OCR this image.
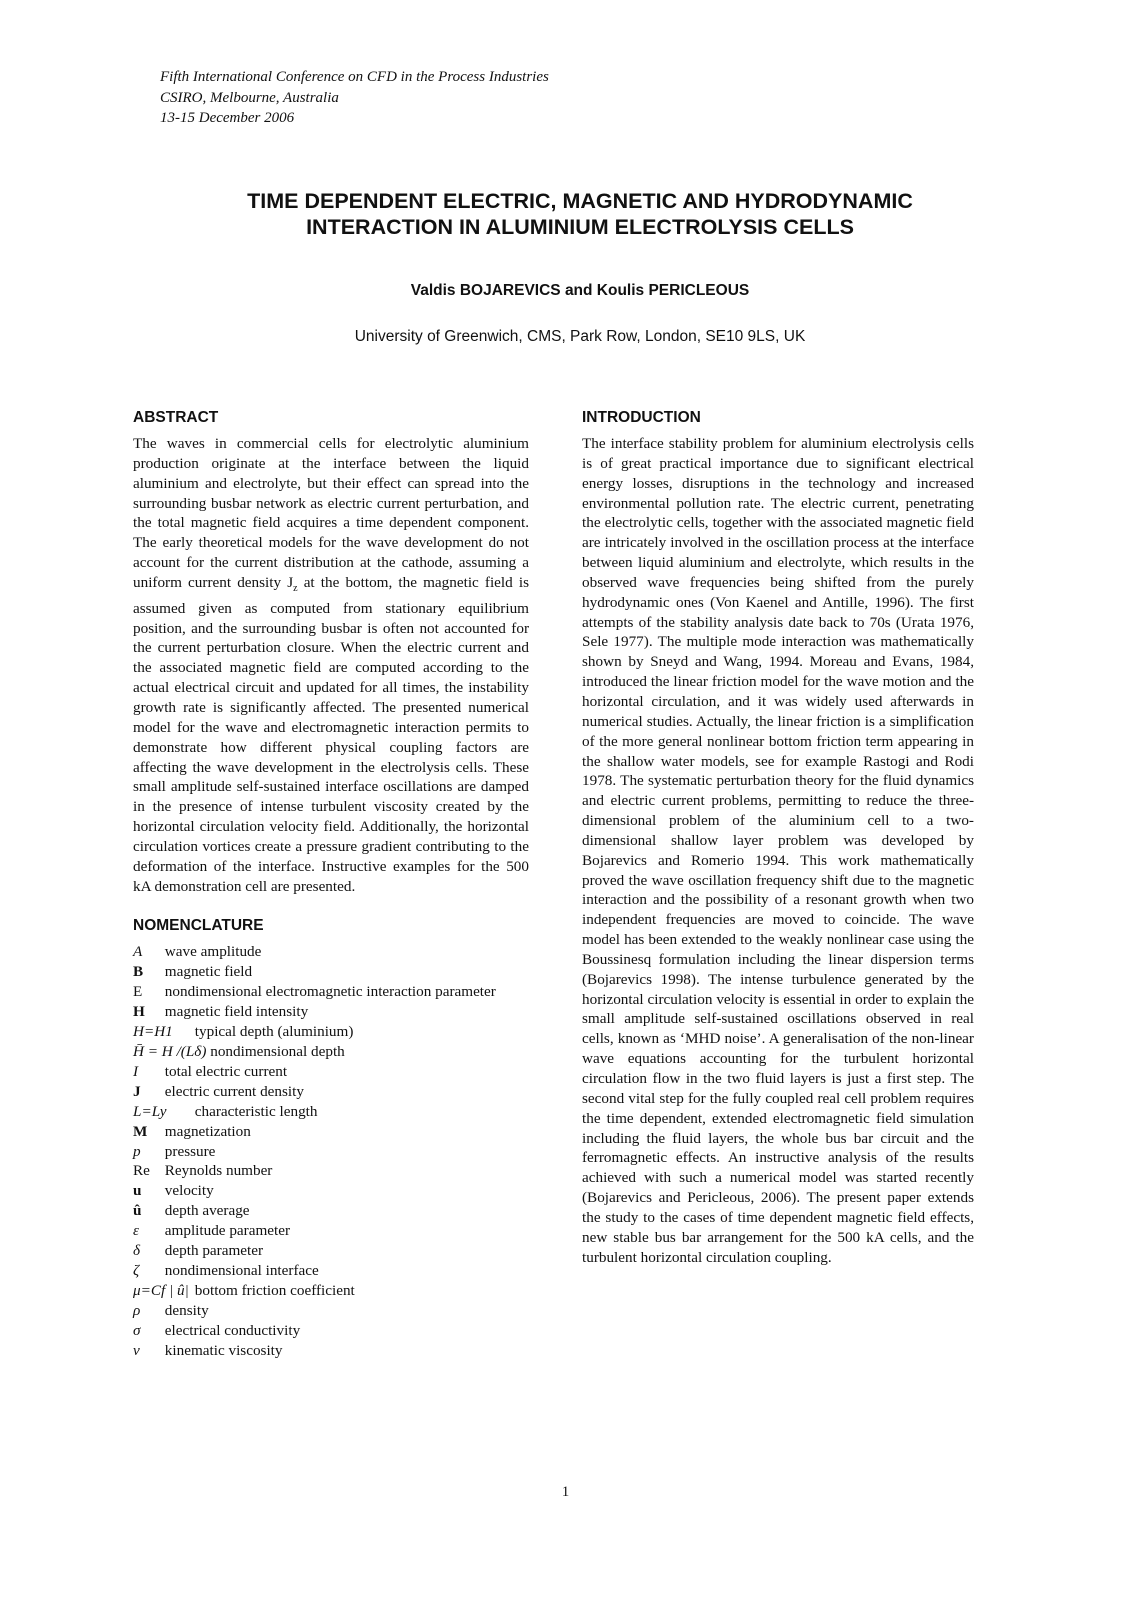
Fifth International Conference on CFD in the Process Industries
CSIRO, Melbourne, Australia
13-15 December 2006
TIME DEPENDENT ELECTRIC, MAGNETIC AND HYDRODYNAMIC
INTERACTION IN ALUMINIUM ELECTROLYSIS CELLS
Valdis BOJAREVICS and Koulis PERICLEOUS
University of Greenwich, CMS, Park Row, London, SE10 9LS, UK
ABSTRACT

The waves in commercial cells for electrolytic aluminium production originate at the interface between the liquid aluminium and electrolyte, but their effect can spread into the surrounding busbar network as electric current perturbation, and the total magnetic field acquires a time dependent component. The early theoretical models for the wave development do not account for the current distribution at the cathode, assuming a uniform current density $J_z$ at the bottom, the magnetic field is assumed given as computed from stationary equilibrium position, and the surrounding busbar is often not accounted for the current perturbation closure. When the electric current and the associated magnetic field are computed according to the actual electrical circuit and updated for all times, the instability growth rate is significantly affected. The presented numerical model for the wave and electromagnetic interaction permits to demonstrate how different physical coupling factors are affecting the wave development in the electrolysis cells. These small amplitude self-sustained interface oscillations are damped in the presence of intense turbulent viscosity created by the horizontal circulation velocity field. Additionally, the horizontal circulation vortices create a pressure gradient contributing to the deformation of the interface. Instructive examples for the 500 kA demonstration cell are presented.

NOMENCLATURE
A wave amplitude
B magnetic field
E nondimensional electromagnetic interaction parameter
H magnetic field intensity
H=H1 typical depth (aluminium)
H̄ = H /(Lδ) nondimensional depth
I total electric current
J electric current density
L=Ly characteristic length
M magnetization
p pressure
Re Reynolds number
u velocity
û depth average
ε amplitude parameter
δ depth parameter
ζ nondimensional interface
μ=Cf | û| bottom friction coefficient
ρ density
σ electrical conductivity
ν kinematic viscosity
INTRODUCTION

The interface stability problem for aluminium electrolysis cells is of great practical importance due to significant electrical energy losses, disruptions in the technology and increased environmental pollution rate. The electric current, penetrating the electrolytic cells, together with the associated magnetic field are intricately involved in the oscillation process at the interface between liquid aluminium and electrolyte, which results in the observed wave frequencies being shifted from the purely hydrodynamic ones (Von Kaenel and Antille, 1996). The first attempts of the stability analysis date back to 70s (Urata 1976, Sele 1977). The multiple mode interaction was mathematically shown by Sneyd and Wang, 1994. Moreau and Evans, 1984, introduced the linear friction model for the wave motion and the horizontal circulation, and it was widely used afterwards in numerical studies. Actually, the linear friction is a simplification of the more general nonlinear bottom friction term appearing in the shallow water models, see for example Rastogi and Rodi 1978. The systematic perturbation theory for the fluid dynamics and electric current problems, permitting to reduce the three-dimensional problem of the aluminium cell to a two-dimensional shallow layer problem was developed by Bojarevics and Romerio 1994. This work mathematically proved the wave oscillation frequency shift due to the magnetic interaction and the possibility of a resonant growth when two independent frequencies are moved to coincide. The wave model has been extended to the weakly nonlinear case using the Boussinesq formulation including the linear dispersion terms (Bojarevics 1998). The intense turbulence generated by the horizontal circulation velocity is essential in order to explain the small amplitude self-sustained oscillations observed in real cells, known as ‘MHD noise’. A generalisation of the non-linear wave equations accounting for the turbulent horizontal circulation flow in the two fluid layers is just a first step. The second vital step for the fully coupled real cell problem requires the time dependent, extended electromagnetic field simulation including the fluid layers, the whole bus bar circuit and the ferromagnetic effects. An instructive analysis of the results achieved with such a numerical model was started recently (Bojarevics and Pericleous, 2006). The present paper extends the study to the cases of time dependent magnetic field effects, new stable bus bar arrangement for the 500 kA cells, and the turbulent horizontal circulation coupling.

1
